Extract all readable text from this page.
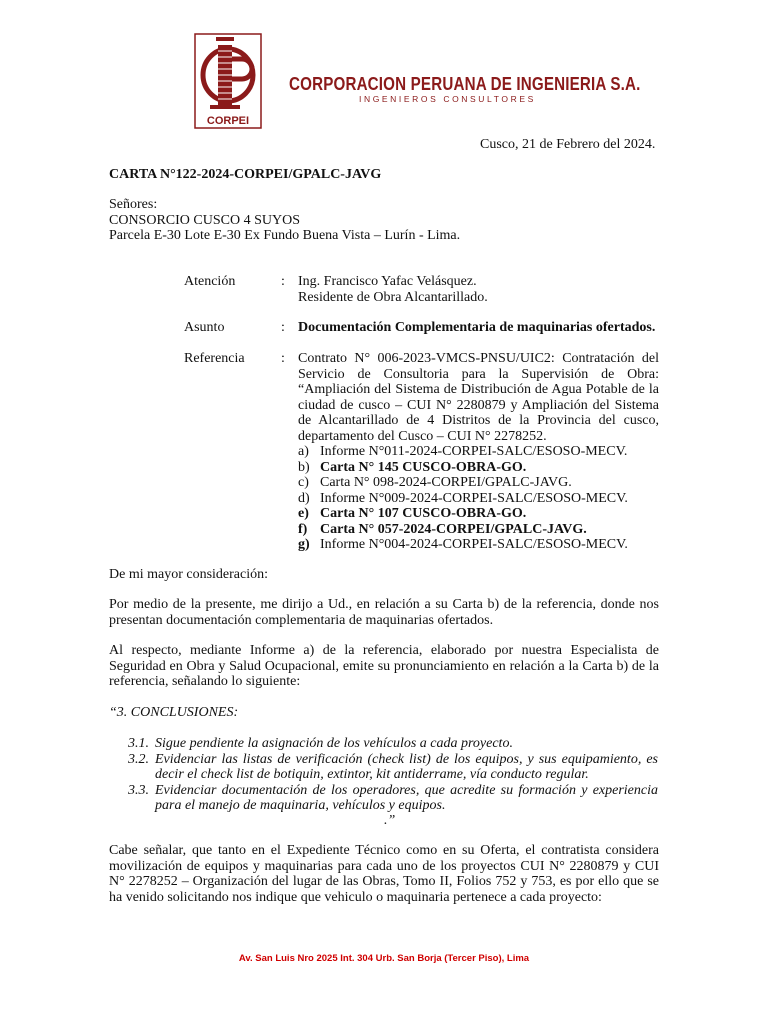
CORPEI
CORPORACION PERUANA DE INGENIERIA S.A.
INGENIEROS CONSULTORES
Cusco, 21 de Febrero del 2024.
CARTA N°122-2024-CORPEI/GPALC-JAVG
Señores:
CONSORCIO CUSCO 4 SUYOS
Parcela E-30 Lote E-30 Ex Fundo Buena Vista – Lurín - Lima.
Atención	: Ing. Francisco Yafac Velásquez.
Residente de Obra Alcantarillado.
Asunto	: Documentación Complementaria de maquinarias ofertados.
Referencia	: Contrato N° 006-2023-VMCS-PNSU/UIC2: Contratación del Servicio de Consultoria para la Supervisión de Obra: “Ampliación del Sistema de Distribución de Agua Potable de la ciudad de cusco – CUI N° 2280879 y Ampliación del Sistema de Alcantarillado de 4 Distritos de la Provincia del cusco, departamento del Cusco – CUI N° 2278252.
a) Informe N°011-2024-CORPEI-SALC/ESOSO-MECV.
b) Carta N° 145 CUSCO-OBRA-GO.
c) Carta N° 098-2024-CORPEI/GPALC-JAVG.
d) Informe N°009-2024-CORPEI-SALC/ESOSO-MECV.
e) Carta N° 107 CUSCO-OBRA-GO.
f) Carta N° 057-2024-CORPEI/GPALC-JAVG.
g) Informe N°004-2024-CORPEI-SALC/ESOSO-MECV.
De mi mayor consideración:
Por medio de la presente, me dirijo a Ud., en relación a su Carta b) de la referencia, donde nos presentan documentación complementaria de maquinarias ofertados.
Al respecto, mediante Informe a) de la referencia, elaborado por nuestra Especialista de Seguridad en Obra y Salud Ocupacional, emite su pronunciamiento en relación a la Carta b) de la referencia, señalando lo siguiente:
“3. CONCLUSIONES:
3.1. Sigue pendiente la asignación de los vehículos a cada proyecto.
3.2. Evidenciar las listas de verificación (check list) de los equipos, y sus equipamiento, es decir el check list de botiquin, extintor, kit antiderrame, vía conducto regular.
3.3. Evidenciar documentación de los operadores, que acredite su formación y experiencia para el manejo de maquinaria, vehículos y equipos.
.”
Cabe señalar, que tanto en el Expediente Técnico como en su Oferta, el contratista considera movilización de equipos y maquinarias para cada uno de los proyectos CUI N° 2280879 y CUI N° 2278252 – Organización del lugar de las Obras, Tomo II, Folios 752 y 753, es por ello que se ha venido solicitando nos indique que vehiculo o maquinaria pertenece a cada proyecto:
Av. San Luis Nro 2025 Int. 304 Urb. San Borja (Tercer Piso), Lima
